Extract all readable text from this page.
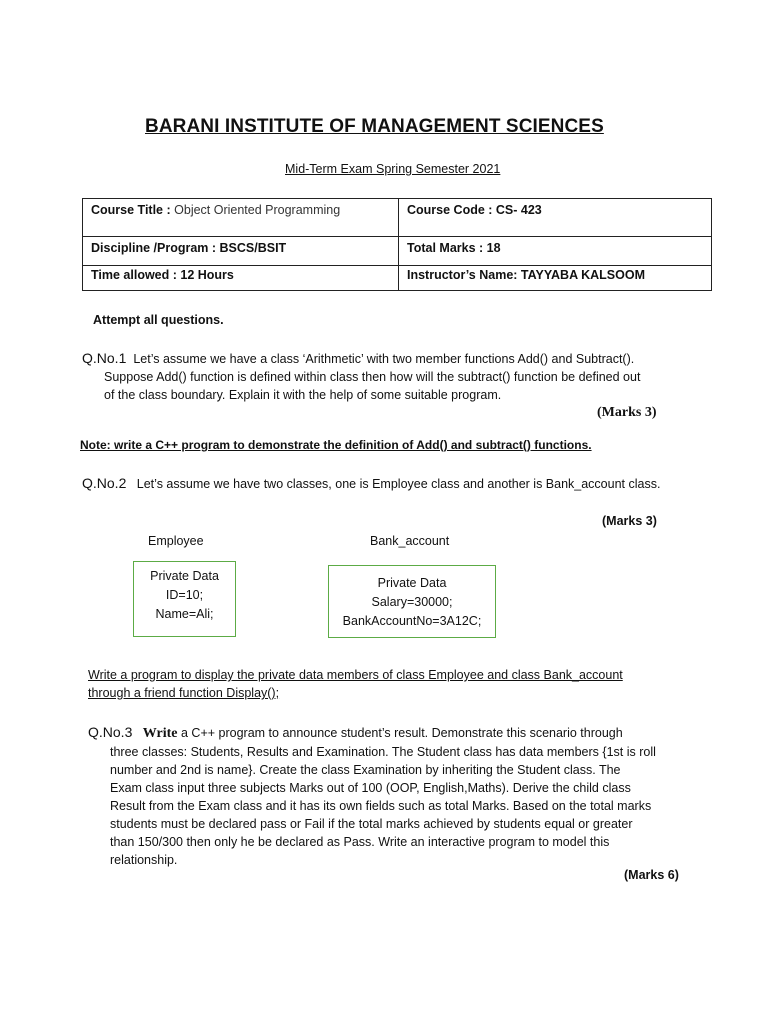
BARANI INSTITUTE OF MANAGEMENT SCIENCES
Mid-Term Exam Spring Semester 2021
Course Title : Object Oriented Programming	Course Code : CS- 423
Discipline /Program : BSCS/BSIT	Total Marks : 18
Time allowed : 12 Hours	Instructor’s Name: TAYYABA KALSOOM
Attempt all questions.
Q.No.1 Let’s assume we have a class ‘Arithmetic’ with two member functions Add() and Subtract().
Suppose Add() function is defined within class then how will the subtract() function be defined out
of the class boundary. Explain it with the help of some suitable program.
(Marks 3)
Note: write a C++ program to demonstrate the definition of Add() and subtract() functions.
Q.No.2 Let’s assume we have two classes, one is Employee class and another is Bank_account class.
(Marks 3)
Employee	Bank_account
Private Data
ID=10;
Name=Ali;
Private Data
Salary=30000;
BankAccountNo=3A12C;
Write a program to display the private data members of class Employee and class Bank_account
through a friend function Display();
Q.No.3 Write a C++ program to announce student’s result. Demonstrate this scenario through
three classes: Students, Results and Examination. The Student class has data members {1st is roll
number and 2nd is name}. Create the class Examination by inheriting the Student class. The
Exam class input three subjects Marks out of 100 (OOP, English,Maths). Derive the child class
Result from the Exam class and it has its own fields such as total Marks. Based on the total marks
students must be declared pass or Fail if the total marks achieved by students equal or greater
than 150/300 then only he be declared as Pass. Write an interactive program to model this
relationship.
(Marks 6)
